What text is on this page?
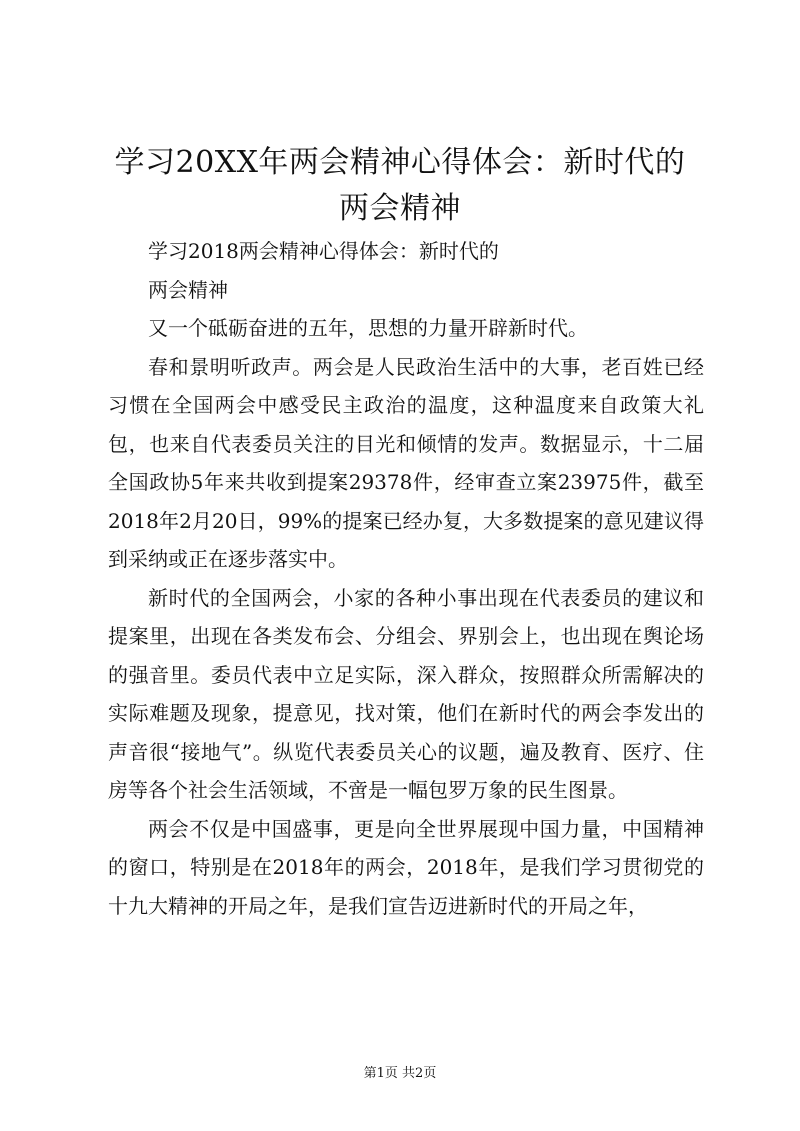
学习20XX年两会精神心得体会：新时代的两会精神

学习2018两会精神心得体会：新时代的

两会精神

又一个砥砺奋进的五年，思想的力量开辟新时代。

春和景明听政声。两会是人民政治生活中的大事，老百姓已经习惯在全国两会中感受民主政治的温度，这种温度来自政策大礼包，也来自代表委员关注的目光和倾情的发声。数据显示，十二届全国政协5年来共收到提案29378件，经审查立案23975件，截至2018年2月20日，99%的提案已经办复，大多数提案的意见建议得到采纳或正在逐步落实中。

新时代的全国两会，小家的各种小事出现在代表委员的建议和提案里，出现在各类发布会、分组会、界别会上，也出现在舆论场的强音里。委员代表中立足实际，深入群众，按照群众所需解决的实际难题及现象，提意见，找对策，他们在新时代的两会李发出的声音很“接地气”。纵览代表委员关心的议题，遍及教育、医疗、住房等各个社会生活领域，不啻是一幅包罗万象的民生图景。

两会不仅是中国盛事，更是向全世界展现中国力量，中国精神的窗口，特别是在2018年的两会，2018年，是我们学习贯彻党的十九大精神的开局之年，是我们宣告迈进新时代的开局之年，

第1页 共2页
